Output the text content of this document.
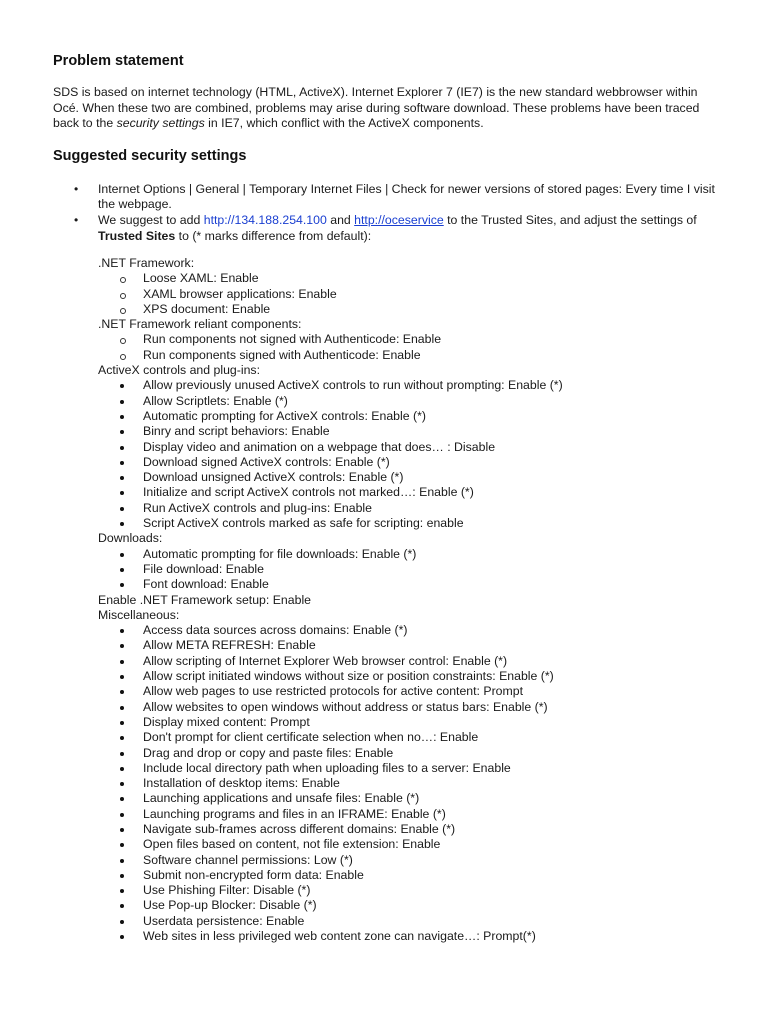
Problem statement

SDS is based on internet technology (HTML, ActiveX). Internet Explorer 7 (IE7) is the new standard webbrowser within Océ. When these two are combined, problems may arise during software download. These problems have been traced back to the security settings in IE7, which conflict with the ActiveX components.

Suggested security settings
• Internet Options | General | Temporary Internet Files | Check for newer versions of stored pages: Every time I visit the webpage.
• We suggest to add http://134.188.254.100 and http://oceservice to the Trusted Sites, and adjust the settings of Trusted Sites to (* marks difference from default):
.NET Framework:
Loose XAML: Enable
XAML browser applications: Enable
XPS document: Enable
.NET Framework reliant components:
Run components not signed with Authenticode: Enable
Run components signed with Authenticode: Enable
ActiveX controls and plug-ins:
Allow previously unused ActiveX controls to run without prompting: Enable (*)
Allow Scriptlets: Enable (*)
Automatic prompting for ActiveX controls: Enable (*)
Binry and script behaviors: Enable
Display video and animation on a webpage that does… : Disable
Download signed ActiveX controls: Enable (*)
Download unsigned ActiveX controls: Enable (*)
Initialize and script ActiveX controls not marked…: Enable (*)
Run ActiveX controls and plug-ins: Enable
Script ActiveX controls marked as safe for scripting: enable
Downloads:
Automatic prompting for file downloads: Enable (*)
File download: Enable
Font download: Enable
Enable .NET Framework setup: Enable
Miscellaneous:
Access data sources across domains: Enable (*)
Allow META REFRESH: Enable
Allow scripting of Internet Explorer Web browser control: Enable (*)
Allow script initiated windows without size or position constraints: Enable (*)
Allow web pages to use restricted protocols for active content: Prompt
Allow websites to open windows without address or status bars: Enable (*)
Display mixed content: Prompt
Don't prompt for client certificate selection when no…: Enable
Drag and drop or copy and paste files: Enable
Include local directory path when uploading files to a server: Enable
Installation of desktop items: Enable
Launching applications and unsafe files: Enable (*)
Launching programs and files in an IFRAME: Enable (*)
Navigate sub-frames across different domains: Enable (*)
Open files based on content, not file extension: Enable
Software channel permissions: Low (*)
Submit non-encrypted form data: Enable
Use Phishing Filter: Disable (*)
Use Pop-up Blocker: Disable (*)
Userdata persistence: Enable
Web sites in less privileged web content zone can navigate…: Prompt(*)
